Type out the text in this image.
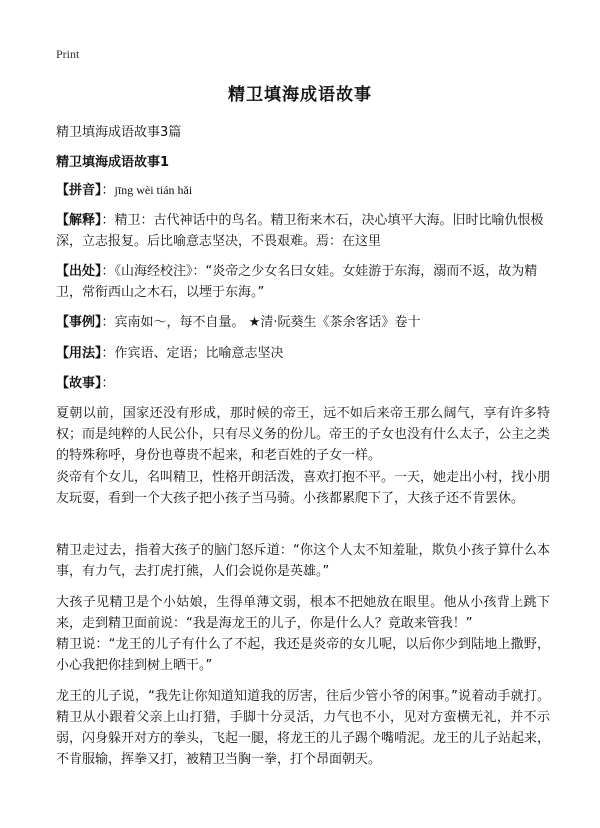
Print
精卫填海成语故事
精卫填海成语故事3篇
精卫填海成语故事1
【拼音】：jīng wèi tián hǎi
【解释】：精卫：古代神话中的鸟名。精卫衔来木石，决心填平大海。旧时比喻仇恨极深，立志报复。后比喻意志坚决，不畏艰难。焉：在这里
【出处】：《山海经校注》：“炎帝之少女名曰女娃。女娃游于东海，溺而不返，故为精卫，常衔西山之木石，以堙于东海。”
【事例】：宾南如～，每不自量。 ★清·阮葵生《茶余客话》卷十
【用法】：作宾语、定语；比喻意志坚决
【故事】：
夏朝以前，国家还没有形成，那时候的帝王，远不如后来帝王那么阔气，享有许多特权；而是纯粹的人民公仆，只有尽义务的份儿。帝王的子女也没有什么太子，公主之类的特殊称呼，身份也尊贵不起来，和老百姓的子女一样。
炎帝有个女儿，名叫精卫，性格开朗活泼，喜欢打抱不平。一天，她走出小村，找小朋友玩耍，看到一个大孩子把小孩子当马骑。小孩都累爬下了，大孩子还不肯罢休。
精卫走过去，指着大孩子的脑门怒斥道：“你这个人太不知羞耻，欺负小孩子算什么本事，有力气，去打虎打熊，人们会说你是英雄。”
大孩子见精卫是个小姑娘，生得单薄文弱，根本不把她放在眼里。他从小孩背上跳下来，走到精卫面前说：“我是海龙王的儿子，你是什么人？竟敢来管我！”
精卫说：“龙王的儿子有什么了不起，我还是炎帝的女儿呢，以后你少到陆地上撒野，小心我把你挂到树上晒干。”
龙王的儿子说，“我先让你知道知道我的厉害，往后少管小爷的闲事。”说着动手就打。精卫从小跟着父亲上山打猎，手脚十分灵活，力气也不小，见对方蛮横无礼，并不示弱，闪身躲开对方的拳头，飞起一腿，将龙王的儿子踢个嘴啃泥。龙王的儿子站起来，不肯服输，挥拳又打，被精卫当胸一拳，打个昂面朝天。
